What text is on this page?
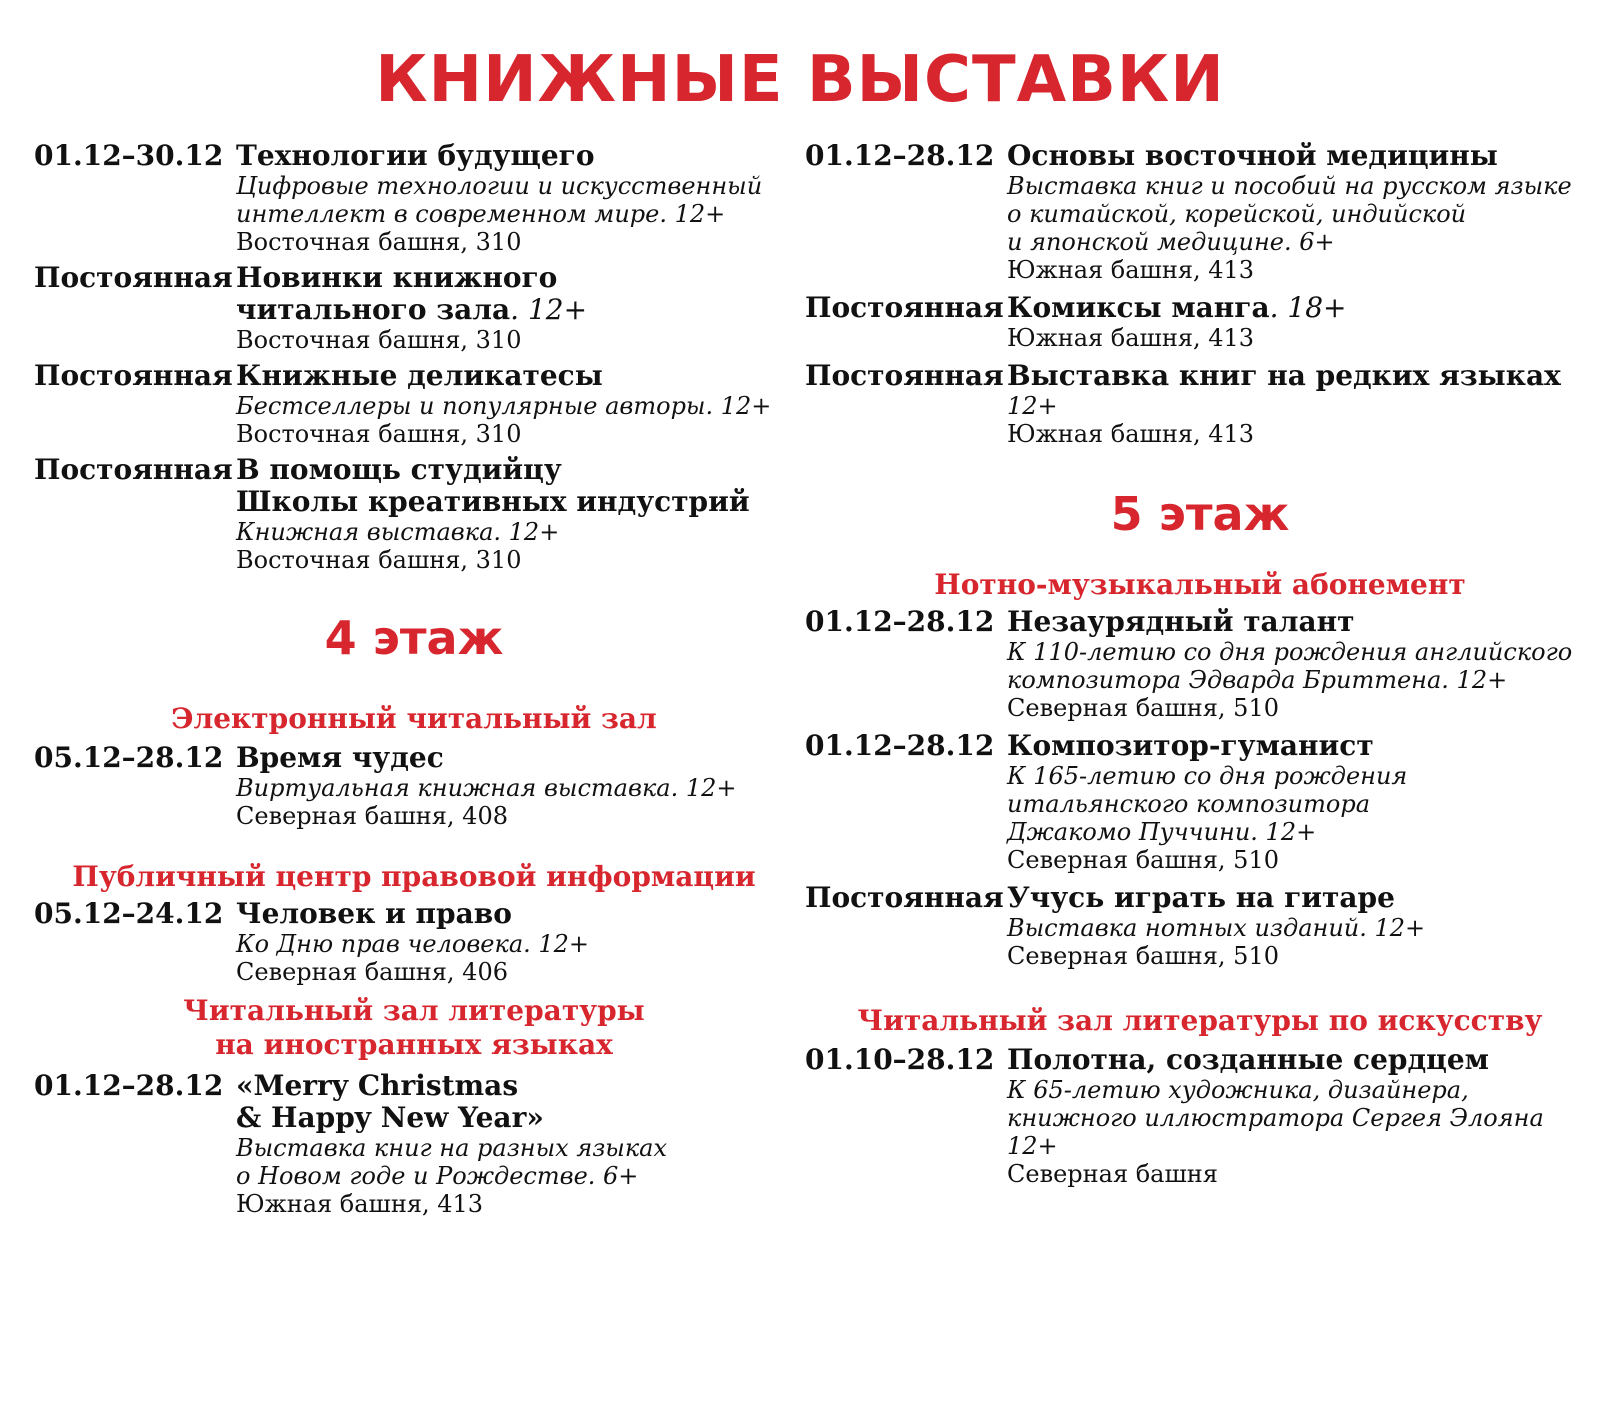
КНИЖНЫЕ ВЫСТАВКИ
01.12–30.12 Технологии будущего
Цифровые технологии и искусственный
интеллект в современном мире. 12+
Восточная башня, 310
Постоянная Новинки книжного
читального зала. 12+
Восточная башня, 310
Постоянная Книжные деликатесы
Бестселлеры и популярные авторы. 12+
Восточная башня, 310
Постоянная В помощь студийцу
Школы креативных индустрий
Книжная выставка. 12+
Восточная башня, 310
4 этаж
Электронный читальный зал
05.12–28.12 Время чудес
Виртуальная книжная выставка. 12+
Северная башня, 408
Публичный центр правовой информации
05.12–24.12 Человек и право
Ко Дню прав человека. 12+
Северная башня, 406
Читальный зал литературы
на иностранных языках
01.12–28.12 «Merry Christmas
& Happy New Year»
Выставка книг на разных языках
о Новом годе и Рождестве. 6+
Южная башня, 413
01.12–28.12 Основы восточной медицины
Выставка книг и пособий на русском языке
о китайской, корейской, индийской
и японской медицине. 6+
Южная башня, 413
Постоянная Комиксы манга. 18+
Южная башня, 413
Постоянная Выставка книг на редких языках
12+
Южная башня, 413
5 этаж
Нотно-музыкальный абонемент
01.12–28.12 Незаурядный талант
К 110-летию со дня рождения английского
композитора Эдварда Бриттена. 12+
Северная башня, 510
01.12–28.12 Композитор-гуманист
К 165-летию со дня рождения
итальянского композитора
Джакомо Пуччини. 12+
Северная башня, 510
Постоянная Учусь играть на гитаре
Выставка нотных изданий. 12+
Северная башня, 510
Читальный зал литературы по искусству
01.10–28.12 Полотна, созданные сердцем
К 65-летию художника, дизайнера,
книжного иллюстратора Сергея Элояна
12+
Северная башня
